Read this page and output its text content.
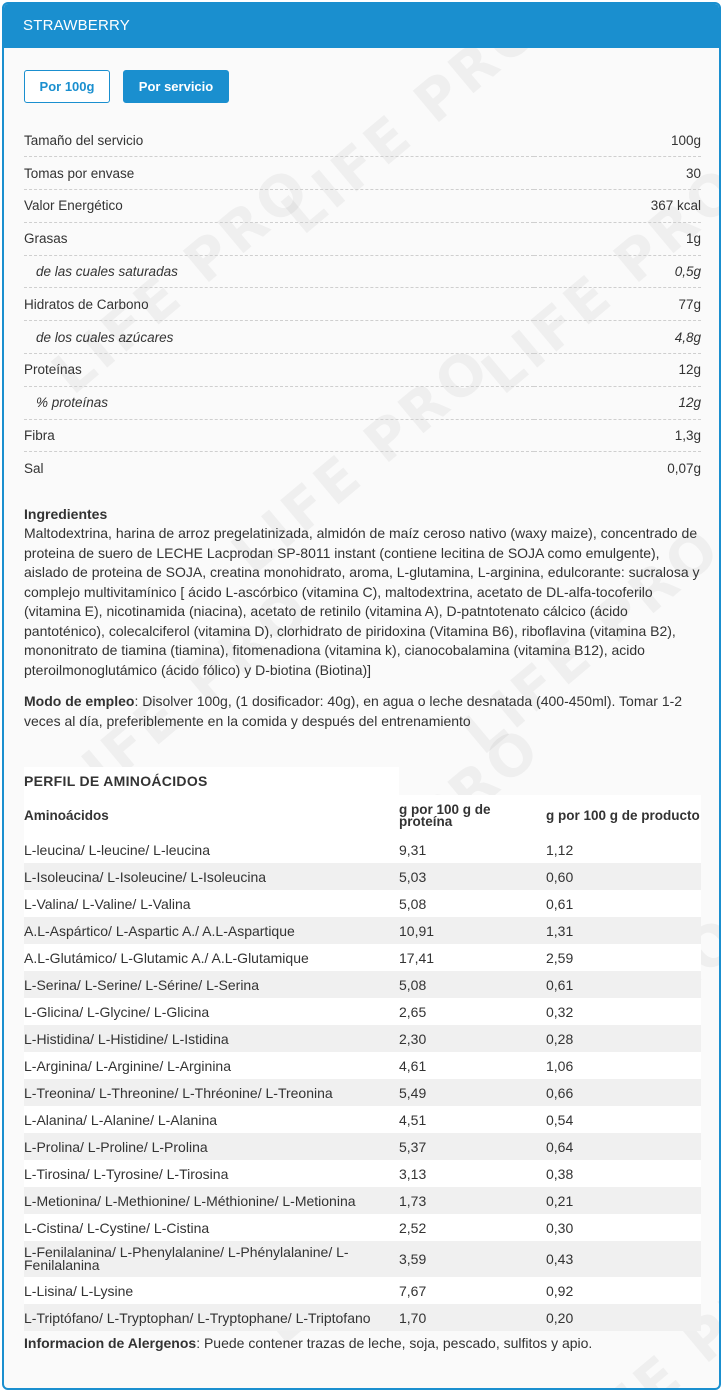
STRAWBERRY
Por 100g	Por servicio
Tamaño del servicio	100g
Tomas por envase	30
Valor Energético	367 kcal
Grasas	1g
de las cuales saturadas	0,5g
Hidratos de Carbono	77g
de los cuales azúcares	4,8g
Proteínas	12g
% proteínas	12g
Fibra	1,3g
Sal	0,07g
Ingredientes
Maltodextrina, harina de arroz pregelatinizada, almidón de maíz ceroso nativo (waxy maize), concentrado de proteina de suero de LECHE Lacprodan SP-8011 instant (contiene lecitina de SOJA como emulgente), aislado de proteina de SOJA, creatina monohidrato, aroma, L-glutamina, L-arginina, edulcorante: sucralosa y complejo multivitamínico [ ácido L-ascórbico (vitamina C), maltodextrina, acetato de DL-alfa-tocoferilo (vitamina E), nicotinamida (niacina), acetato de retinilo (vitamina A), D-patntotenato cálcico (ácido pantoténico), colecalciferol (vitamina D), clorhidrato de piridoxina (Vitamina B6), riboflavina (vitamina B2), mononitrato de tiamina (tiamina), fitomenadiona (vitamina k), cianocobalamina (vitamina B12), acido pteroilmonoglutámico (ácido fólico) y D-biotina (Biotina)]
Modo de empleo: Disolver 100g, (1 dosificador: 40g), en agua o leche desnatada (400-450ml). Tomar 1-2 veces al día, preferiblemente en la comida y después del entrenamiento
PERFIL DE AMINOÁCIDOS
Aminoácidos	g por 100 g de proteína	g por 100 g de producto
L-leucina/ L-leucine/ L-leucina	9,31	1,12
L-Isoleucina/ L-Isoleucine/ L-Isoleucina	5,03	0,60
L-Valina/ L-Valine/ L-Valina	5,08	0,61
A.L-Aspártico/ L-Aspartic A./ A.L-Aspartique	10,91	1,31
A.L-Glutámico/ L-Glutamic A./ A.L-Glutamique	17,41	2,59
L-Serina/ L-Serine/ L-Sérine/ L-Serina	5,08	0,61
L-Glicina/ L-Glycine/ L-Glicina	2,65	0,32
L-Histidina/ L-Histidine/ L-Istidina	2,30	0,28
L-Arginina/ L-Arginine/ L-Arginina	4,61	1,06
L-Treonina/ L-Threonine/ L-Thréonine/ L-Treonina	5,49	0,66
L-Alanina/ L-Alanine/ L-Alanina	4,51	0,54
L-Prolina/ L-Proline/ L-Prolina	5,37	0,64
L-Tirosina/ L-Tyrosine/ L-Tirosina	3,13	0,38
L-Metionina/ L-Methionine/ L-Méthionine/ L-Metionina	1,73	0,21
L-Cistina/ L-Cystine/ L-Cistina	2,52	0,30
L-Fenilalanina/ L-Phenylalanine/ L-Phénylalanine/ L-Fenilalanina	3,59	0,43
L-Lisina/ L-Lysine	7,67	0,92
L-Triptófano/ L-Tryptophan/ L-Tryptophane/ L-Triptofano	1,70	0,20
Informacion de Alergenos: Puede contener trazas de leche, soja, pescado, sulfitos y apio.
